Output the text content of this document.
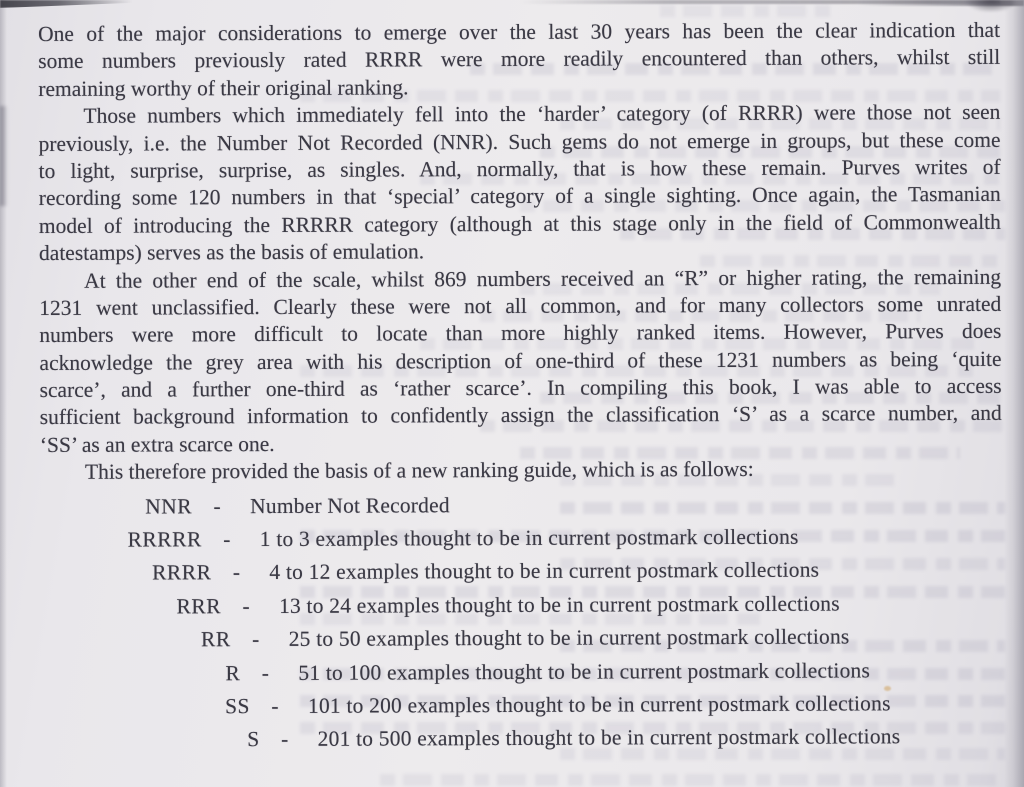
One of the major considerations to emerge over the last 30 years has been the clear indication that
some numbers previously rated RRRR were more readily encountered than others, whilst still
remaining worthy of their original ranking.
Those numbers which immediately fell into the ‘harder’ category (of RRRR) were those not seen
previously, i.e. the Number Not Recorded (NNR). Such gems do not emerge in groups, but these come
to light, surprise, surprise, as singles. And, normally, that is how these remain. Purves writes of
recording some 120 numbers in that ‘special’ category of a single sighting. Once again, the Tasmanian
model of introducing the RRRRR category (although at this stage only in the field of Commonwealth
datestamps) serves as the basis of emulation.
At the other end of the scale, whilst 869 numbers received an “R” or higher rating, the remaining
1231 went unclassified. Clearly these were not all common, and for many collectors some unrated
numbers were more difficult to locate than more highly ranked items. However, Purves does
acknowledge the grey area with his description of one-third of these 1231 numbers as being ‘quite
scarce’, and a further one-third as ‘rather scarce’. In compiling this book, I was able to access
sufficient background information to confidently assign the classification ‘S’ as a scarce number, and
‘SS’ as an extra scarce one.
This therefore provided the basis of a new ranking guide, which is as follows:
NNR - Number Not Recorded
RRRRR - 1 to 3 examples thought to be in current postmark collections
RRRR - 4 to 12 examples thought to be in current postmark collections
RRR - 13 to 24 examples thought to be in current postmark collections
RR - 25 to 50 examples thought to be in current postmark collections
R - 51 to 100 examples thought to be in current postmark collections
SS - 101 to 200 examples thought to be in current postmark collections
S - 201 to 500 examples thought to be in current postmark collections
